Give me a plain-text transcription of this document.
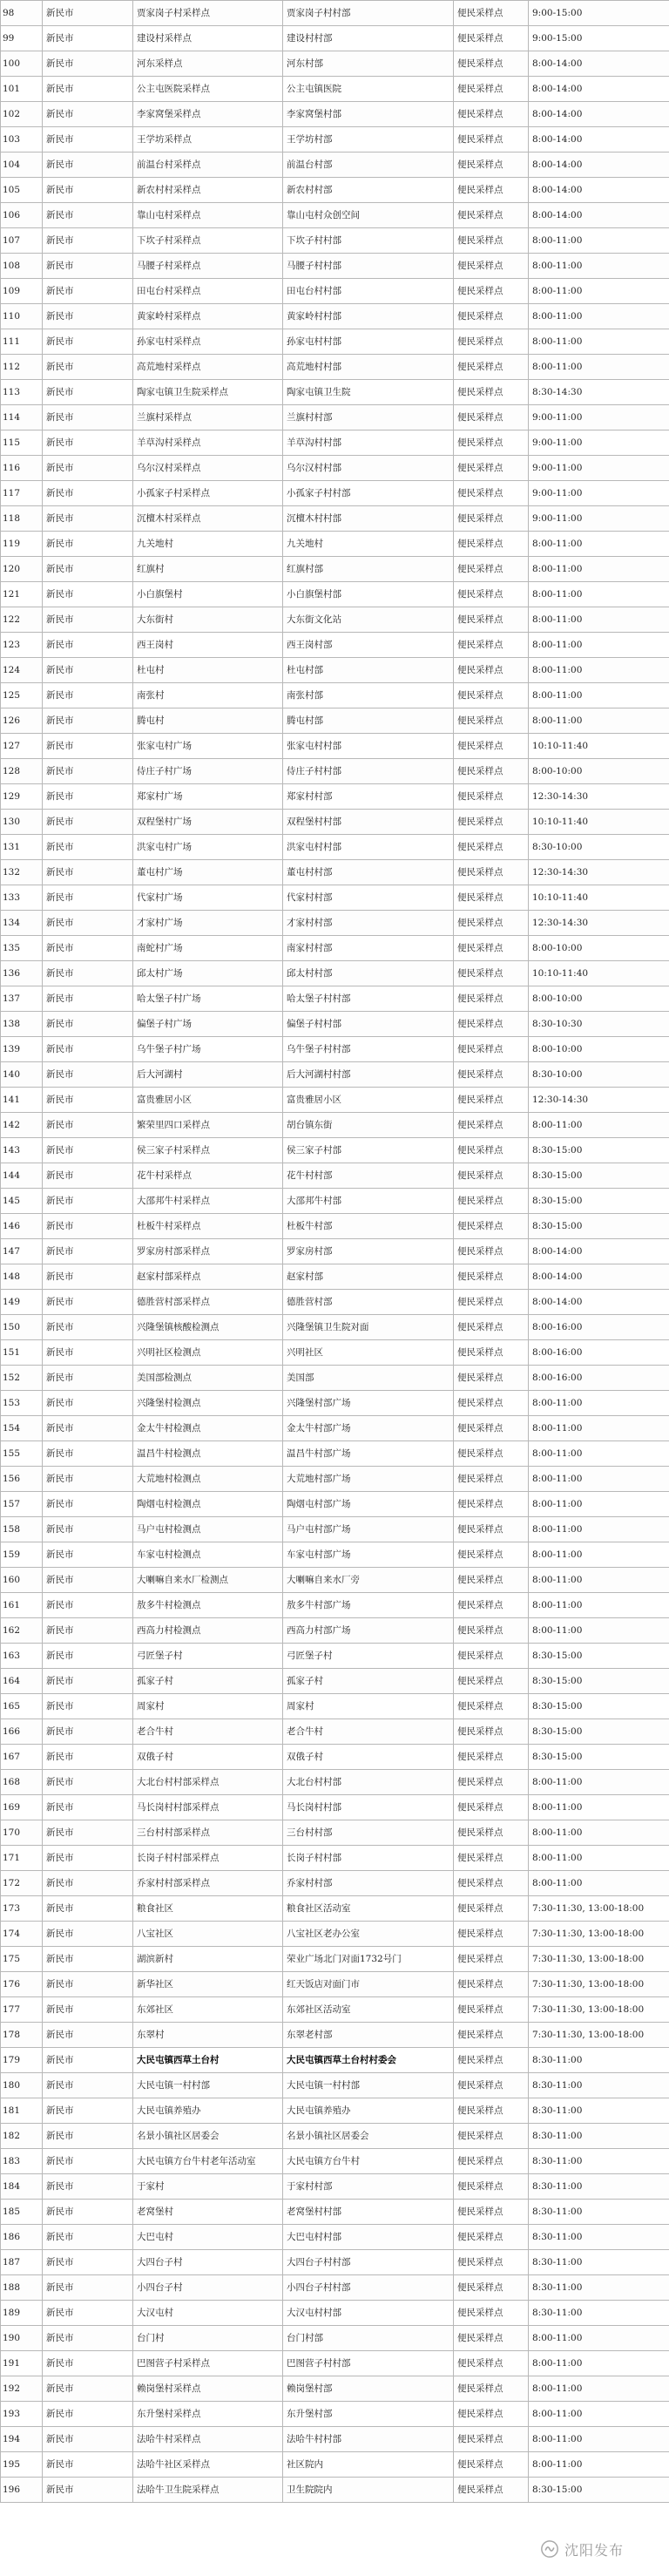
98	新民市	贾家岗子村采样点	贾家岗子村村部	便民采样点	9:00-15:00
99	新民市	建设村采样点	建设村村部	便民采样点	9:00-15:00
100	新民市	河东采样点	河东村部	便民采样点	8:00-14:00
101	新民市	公主屯医院采样点	公主屯镇医院	便民采样点	8:00-14:00
102	新民市	李家窝堡采样点	李家窝堡村部	便民采样点	8:00-14:00
103	新民市	王学坊采样点	王学坊村部	便民采样点	8:00-14:00
104	新民市	前温台村采样点	前温台村部	便民采样点	8:00-14:00
105	新民市	新农村村采样点	新农村村部	便民采样点	8:00-14:00
106	新民市	靠山屯村采样点	靠山屯村众创空间	便民采样点	8:00-14:00
107	新民市	下坎子村采样点	下坎子村村部	便民采样点	8:00-11:00
108	新民市	马腰子村采样点	马腰子村村部	便民采样点	8:00-11:00
109	新民市	田屯台村采样点	田屯台村村部	便民采样点	8:00-11:00
110	新民市	黄家岭村采样点	黄家岭村村部	便民采样点	8:00-11:00
111	新民市	孙家屯村采样点	孙家屯村村部	便民采样点	8:00-11:00
112	新民市	高荒地村采样点	高荒地村村部	便民采样点	8:00-11:00
113	新民市	陶家屯镇卫生院采样点	陶家屯镇卫生院	便民采样点	8:30-14:30
114	新民市	兰旗村采样点	兰旗村村部	便民采样点	9:00-11:00
115	新民市	羊草沟村采样点	羊草沟村村部	便民采样点	9:00-11:00
116	新民市	乌尔汉村采样点	乌尔汉村村部	便民采样点	9:00-11:00
117	新民市	小孤家子村采样点	小孤家子村村部	便民采样点	9:00-11:00
118	新民市	沉檀木村采样点	沉檀木村村部	便民采样点	9:00-11:00
119	新民市	九关地村	九关地村	便民采样点	8:00-11:00
120	新民市	红旗村	红旗村部	便民采样点	8:00-11:00
121	新民市	小白旗堡村	小白旗堡村部	便民采样点	8:00-11:00
122	新民市	大东街村	大东街文化站	便民采样点	8:00-11:00
123	新民市	西王岗村	西王岗村部	便民采样点	8:00-11:00
124	新民市	杜屯村	杜屯村部	便民采样点	8:00-11:00
125	新民市	南张村	南张村部	便民采样点	8:00-11:00
126	新民市	腾屯村	腾屯村部	便民采样点	8:00-11:00
127	新民市	张家屯村广场	张家屯村村部	便民采样点	10:10-11:40
128	新民市	侍庄子村广场	侍庄子村村部	便民采样点	8:00-10:00
129	新民市	郑家村广场	郑家村村部	便民采样点	12:30-14:30
130	新民市	双程堡村广场	双程堡村村部	便民采样点	10:10-11:40
131	新民市	洪家屯村广场	洪家屯村村部	便民采样点	8:30-10:00
132	新民市	董屯村广场	董屯村村部	便民采样点	12:30-14:30
133	新民市	代家村广场	代家村村部	便民采样点	10:10-11:40
134	新民市	才家村广场	才家村村部	便民采样点	12:30-14:30
135	新民市	南蛇村广场	南家村村部	便民采样点	8:00-10:00
136	新民市	邱太村广场	邱太村村部	便民采样点	10:10-11:40
137	新民市	哈太堡子村广场	哈太堡子村村部	便民采样点	8:00-10:00
138	新民市	偏堡子村广场	偏堡子村村部	便民采样点	8:30-10:30
139	新民市	乌牛堡子村广场	乌牛堡子村村部	便民采样点	8:00-10:00
140	新民市	后大河湖村	后大河湖村村部	便民采样点	8:30-10:00
141	新民市	富贵雅居小区	富贵雅居小区	便民采样点	12:30-14:30
142	新民市	繁荣里四口采样点	胡台镇东街	便民采样点	8:00-11:00
143	新民市	侯三家子村采样点	侯三家子村部	便民采样点	8:30-15:00
144	新民市	花牛村采样点	花牛村村部	便民采样点	8:30-15:00
145	新民市	大邵邦牛村采样点	大邵邦牛村部	便民采样点	8:30-15:00
146	新民市	杜板牛村采样点	杜板牛村部	便民采样点	8:30-15:00
147	新民市	罗家房村部采样点	罗家房村部	便民采样点	8:00-14:00
148	新民市	赵家村部采样点	赵家村部	便民采样点	8:00-14:00
149	新民市	德胜营村部采样点	德胜营村部	便民采样点	8:00-14:00
150	新民市	兴隆堡镇核酸检测点	兴隆堡镇卫生院对面	便民采样点	8:00-16:00
151	新民市	兴明社区检测点	兴明社区	便民采样点	8:00-16:00
152	新民市	美国部检测点	美国部	便民采样点	8:00-16:00
153	新民市	兴隆堡村检测点	兴隆堡村部广场	便民采样点	8:00-11:00
154	新民市	金太牛村检测点	金太牛村部广场	便民采样点	8:00-11:00
155	新民市	温昌牛村检测点	温昌牛村部广场	便民采样点	8:00-11:00
156	新民市	大荒地村检测点	大荒地村部广场	便民采样点	8:00-11:00
157	新民市	陶烟屯村检测点	陶烟屯村部广场	便民采样点	8:00-11:00
158	新民市	马户屯村检测点	马户屯村部广场	便民采样点	8:00-11:00
159	新民市	车家屯村检测点	车家屯村部广场	便民采样点	8:00-11:00
160	新民市	大喇嘛自来水厂检测点	大喇嘛自来水厂旁	便民采样点	8:00-11:00
161	新民市	敖多牛村检测点	敖多牛村部广场	便民采样点	8:00-11:00
162	新民市	西高力村检测点	西高力村部广场	便民采样点	8:00-11:00
163	新民市	弓匠堡子村	弓匠堡子村	便民采样点	8:30-15:00
164	新民市	孤家子村	孤家子村	便民采样点	8:30-15:00
165	新民市	周家村	周家村	便民采样点	8:30-15:00
166	新民市	老合牛村	老合牛村	便民采样点	8:30-15:00
167	新民市	双俄子村	双俄子村	便民采样点	8:30-15:00
168	新民市	大北台村村部采样点	大北台村村部	便民采样点	8:00-11:00
169	新民市	马长岗村村部采样点	马长岗村村部	便民采样点	8:00-11:00
170	新民市	三台村村部采样点	三台村村部	便民采样点	8:00-11:00
171	新民市	长岗子村村部采样点	长岗子村村部	便民采样点	8:00-11:00
172	新民市	乔家村村部采样点	乔家村村部	便民采样点	8:00-11:00
173	新民市	粮食社区	粮食社区活动室	便民采样点	7:30-11:30, 13:00-18:00
174	新民市	八宝社区	八宝社区老办公室	便民采样点	7:30-11:30, 13:00-18:00
175	新民市	湖滨新村	荣业广场北门对面1732号门	便民采样点	7:30-11:30, 13:00-18:00
176	新民市	新华社区	红天饭店对面门市	便民采样点	7:30-11:30, 13:00-18:00
177	新民市	东郊社区	东郊社区活动室	便民采样点	7:30-11:30, 13:00-18:00
178	新民市	东翠村	东翠老村部	便民采样点	7:30-11:30, 13:00-18:00
179	新民市	大民屯镇西草土台村	大民屯镇西草土台村村委会	便民采样点	8:30-11:00
180	新民市	大民屯镇一村村部	大民屯镇一村村部	便民采样点	8:30-11:00
181	新民市	大民屯镇养殖办	大民屯镇养殖办	便民采样点	8:30-11:00
182	新民市	名景小镇社区居委会	名景小镇社区居委会	便民采样点	8:30-11:00
183	新民市	大民屯镇方台牛村老年活动室	大民屯镇方台牛村	便民采样点	8:30-11:00
184	新民市	于家村	于家村村部	便民采样点	8:30-11:00
185	新民市	老窝堡村	老窝堡村村部	便民采样点	8:30-11:00
186	新民市	大巴屯村	大巴屯村村部	便民采样点	8:30-11:00
187	新民市	大四台子村	大四台子村村部	便民采样点	8:30-11:00
188	新民市	小四台子村	小四台子村村部	便民采样点	8:30-11:00
189	新民市	大汉屯村	大汉屯村村部	便民采样点	8:30-11:00
190	新民市	台门村	台门村部	便民采样点	8:00-11:00
191	新民市	巴图营子村采样点	巴图营子村村部	便民采样点	8:00-11:00
192	新民市	赖岗堡村采样点	赖岗堡村部	便民采样点	8:00-11:00
193	新民市	东升堡村采样点	东升堡村部	便民采样点	8:00-11:00
194	新民市	法哈牛村采样点	法哈牛村村部	便民采样点	8:00-11:00
195	新民市	法哈牛社区采样点	社区院内	便民采样点	8:00-11:00
196	新民市	法哈牛卫生院采样点	卫生院院内	便民采样点	8:30-15:00
沈阳发布
